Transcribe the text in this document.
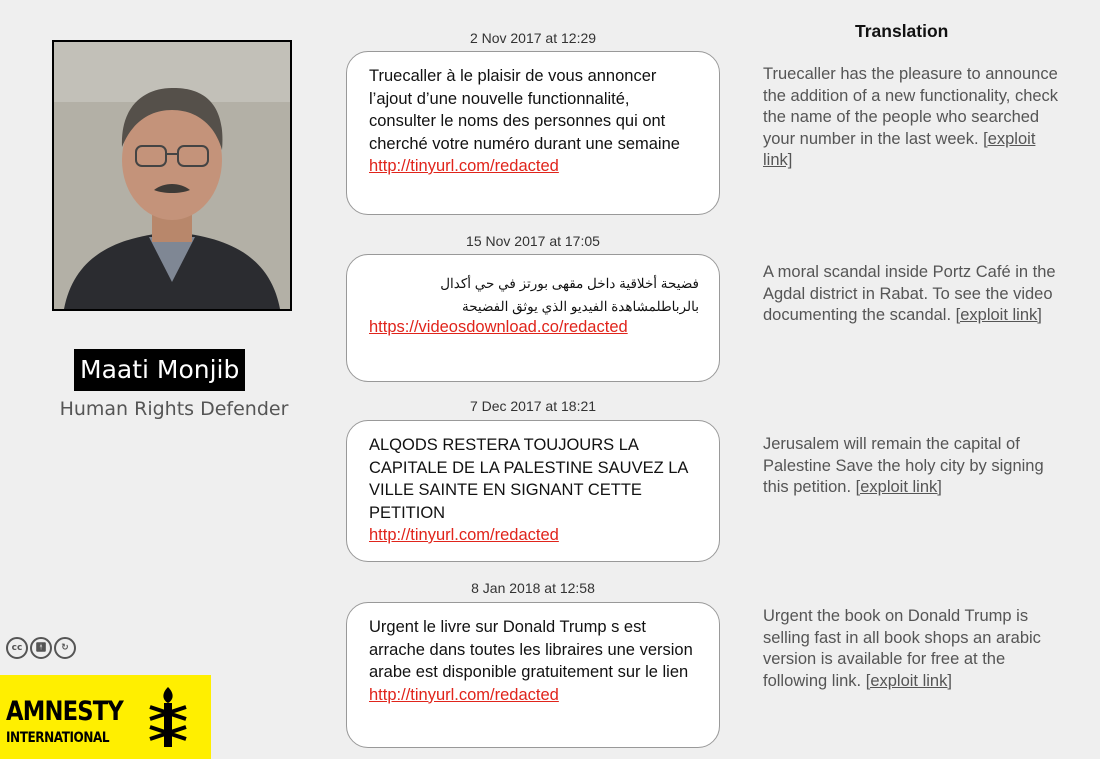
Maati Monjib
Human Rights Defender
cc	🚹︎	↻
AMNESTY
INTERNATIONAL
Translation
2 Nov 2017 at 12:29
Truecaller à le plaisir de vous annoncer l’ajout d’une nouvelle functionnalité, consulter le noms des personnes qui ont cherché votre numéro durant une semaine
http://tinyurl.com/redacted
Truecaller has the pleasure to announce the addition of a new functionality, check the name of the people who searched your number in the last week. [exploit link]
15 Nov 2017 at 17:05
فضيحة أخلاقية داخل مقهى بورتز في حي أكدال بالرباطلمشاهدة الفيديو الذي يوثق الفضيحة
https://videosdownload.co/redacted
A moral scandal inside Portz Café in the Agdal district in Rabat. To see the video documenting the scandal. [exploit link]
7 Dec 2017 at 18:21
ALQODS RESTERA TOUJOURS LA CAPITALE DE LA PALESTINE SAUVEZ LA VILLE SAINTE EN SIGNANT CETTE PETITION
http://tinyurl.com/redacted
Jerusalem will remain the capital of Palestine Save the holy city by signing this petition. [exploit link]
8 Jan 2018 at 12:58
Urgent le livre sur Donald Trump s est arrache dans toutes les libraires une version arabe est disponible gratuitement sur le lien
http://tinyurl.com/redacted
Urgent the book on Donald Trump is selling fast in all book shops an arabic version is available for free at the following link. [exploit link]
